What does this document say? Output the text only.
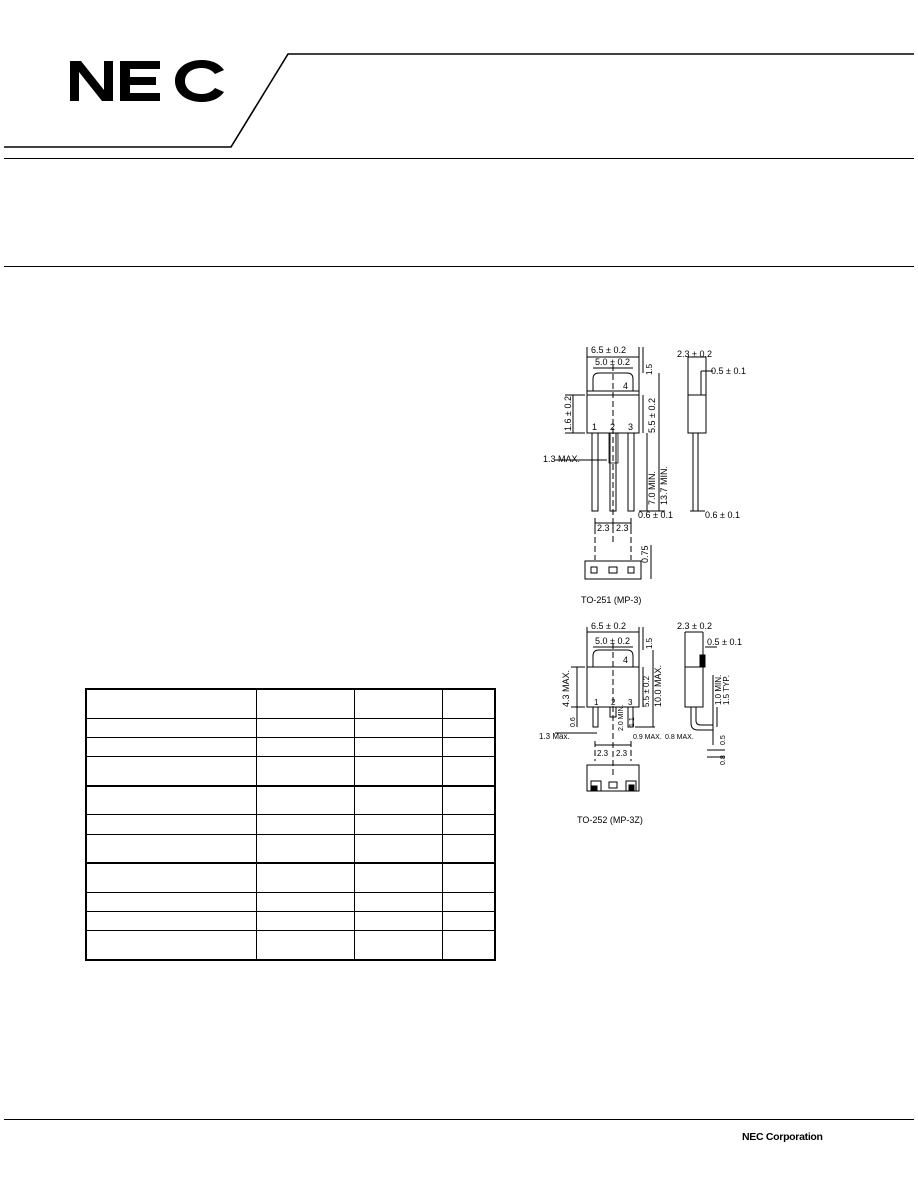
6.5 ± 0.2
5.0 ± 0.2
1.5
1.6 ± 0.2	5.5 ± 0.2
7.0 MIN. 13.7 MIN.
1.3 MAX.
0.6 ± 0.1
2.3 2.3
2.3 ± 0.2
0.5 ± 0.1
0.6 ± 0.1
0.75
1 2 3
4
TO-251 (MP-3)
6.5 ± 0.2
5.0 ± 0.2 1.5
4.3 MAX.	5.5 ± 0.2 10.0 MAX.
1.3 Max.
0.6	2.0 MIN. 1.1
0.9 MAX. 0.8 MAX.
2.3 2.3
2.3 ± 0.2
0.5 ± 0.1
1.0 MIN. 1.5 TYP.
0.5
0.8
1 2 3
4
TO-252 (MP-3Z)
NEC Corporation
